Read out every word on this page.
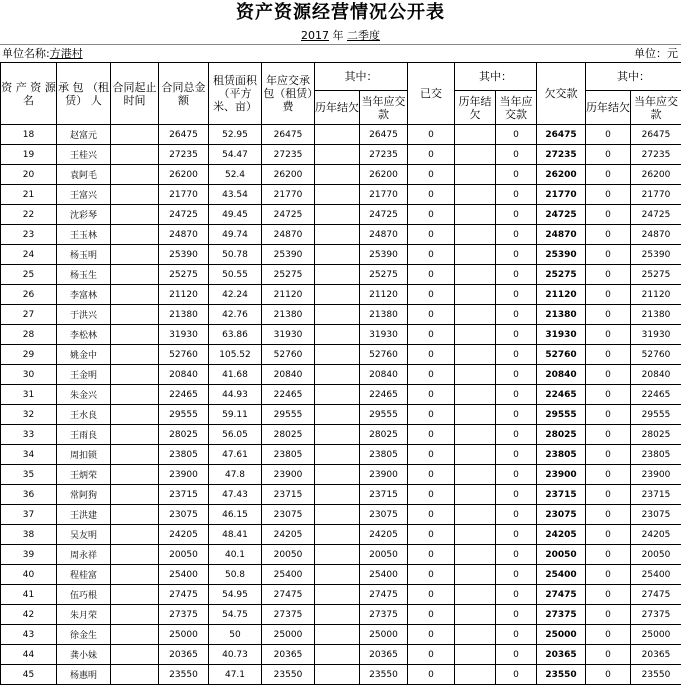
资产资源经营情况公开表
2017 年 二季度
单位名称:方港村	单位：元
资 产 资 源 名	承 包 （租赁） 人	合同起止时间	合同总金额	租赁面积（平方米、亩）	年应交承包（租赁）费	其中：		已交	其中：		欠交款	其中：	
						历年结欠	当年应交款		历年结欠	当年应交款		历年结欠	当年应交款
18	赵富元		26475	52.95	26475		26475	0		0	26475	0	26475
19	王桂兴		27235	54.47	27235		27235	0		0	27235	0	27235
20	袁阿毛		26200	52.4	26200		26200	0		0	26200	0	26200
21	王富兴		21770	43.54	21770		21770	0		0	21770	0	21770
22	沈彩琴		24725	49.45	24725		24725	0		0	24725	0	24725
23	王玉林		24870	49.74	24870		24870	0		0	24870	0	24870
24	杨玉明		25390	50.78	25390		25390	0		0	25390	0	25390
25	杨玉生		25275	50.55	25275		25275	0		0	25275	0	25275
26	李富林		21120	42.24	21120		21120	0		0	21120	0	21120
27	于洪兴		21380	42.76	21380		21380	0		0	21380	0	21380
28	李松林		31930	63.86	31930		31930	0		0	31930	0	31930
29	姚金中		52760	105.52	52760		52760	0		0	52760	0	52760
30	王金明		20840	41.68	20840		20840	0		0	20840	0	20840
31	朱金兴		22465	44.93	22465		22465	0		0	22465	0	22465
32	王水良		29555	59.11	29555		29555	0		0	29555	0	29555
33	王雨良		28025	56.05	28025		28025	0		0	28025	0	28025
34	周扣锁		23805	47.61	23805		23805	0		0	23805	0	23805
35	王炳荣		23900	47.8	23900		23900	0		0	23900	0	23900
36	常阿狗		23715	47.43	23715		23715	0		0	23715	0	23715
37	王洪建		23075	46.15	23075		23075	0		0	23075	0	23075
38	吴友明		24205	48.41	24205		24205	0		0	24205	0	24205
39	周永祥		20050	40.1	20050		20050	0		0	20050	0	20050
40	程桂富		25400	50.8	25400		25400	0		0	25400	0	25400
41	伍巧根		27475	54.95	27475		27475	0		0	27475	0	27475
42	朱月荣		27375	54.75	27375		27375	0		0	27375	0	27375
43	徐金生		25000	50	25000		25000	0		0	25000	0	25000
44	龚小妹		20365	40.73	20365		20365	0		0	20365	0	20365
45	杨惠明		23550	47.1	23550		23550	0		0	23550	0	23550
